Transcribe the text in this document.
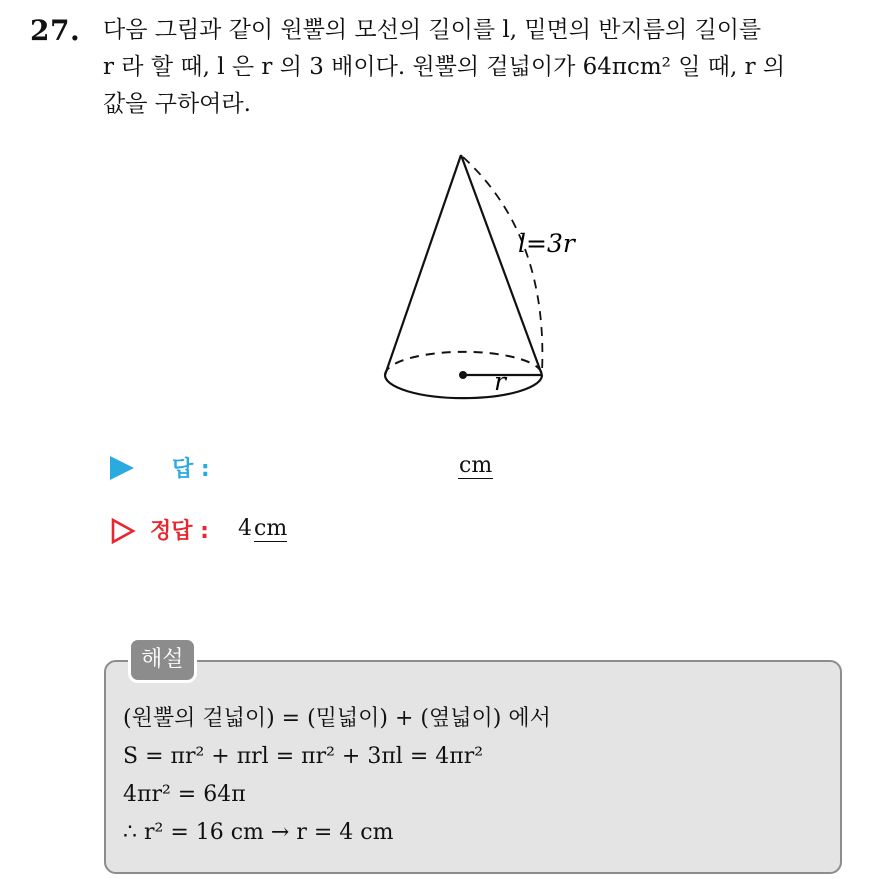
27. 다음 그림과 같이 원뿔의 모선의 길이를 l, 밑면의 반지름의 길이를
r 라 할 때, l 은 r 의 3 배이다. 원뿔의 겉넓이가 64πcm² 일 때, r 의
값을 구하여라.
l=3r
r
답 :	cm
정답 : 4cm
해설
(원뿔의 겉넓이) = (밑넓이) + (옆넓이) 에서
S = πr² + πrl = πr² + 3πl = 4πr²
4πr² = 64π
∴ r² = 16 cm → r = 4 cm
